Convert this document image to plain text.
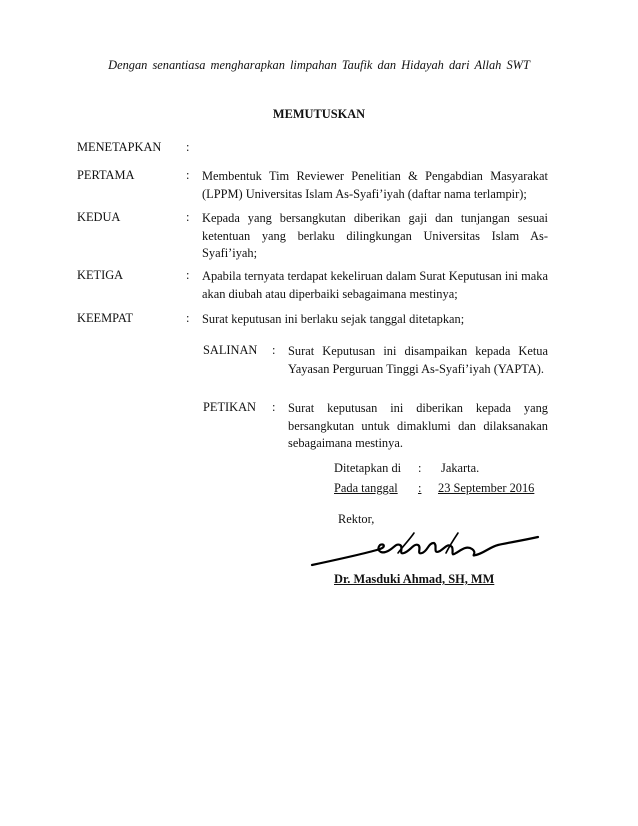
Dengan senantiasa mengharapkan limpahan Taufik dan Hidayah dari Allah SWT
MEMUTUSKAN
MENETAPKAN :
PERTAMA	: Membentuk Tim Reviewer Penelitian & Pengabdian Masyarakat (LPPM) Universitas Islam As-Syafi’iyah (daftar nama terlampir);
KEDUA	: Kepada yang bersangkutan diberikan gaji dan tunjangan sesuai ketentuan yang berlaku dilingkungan Universitas Islam As-Syafi’iyah;
KETIGA	: Apabila ternyata terdapat kekeliruan dalam Surat Keputusan ini maka akan diubah atau diperbaiki sebagaimana mestinya;
KEEMPAT	: Surat keputusan ini berlaku sejak tanggal ditetapkan;
SALINAN : Surat Keputusan ini disampaikan kepada Ketua Yayasan Perguruan Tinggi As-Syafi’iyah (YAPTA).
PETIKAN : Surat keputusan ini diberikan kepada yang bersangkutan untuk dimaklumi dan dilaksanakan sebagaimana mestinya.
Ditetapkan di : Jakarta.
Pada tanggal : 23 September 2016
Rektor,
Dr. Masduki Ahmad, SH, MM
